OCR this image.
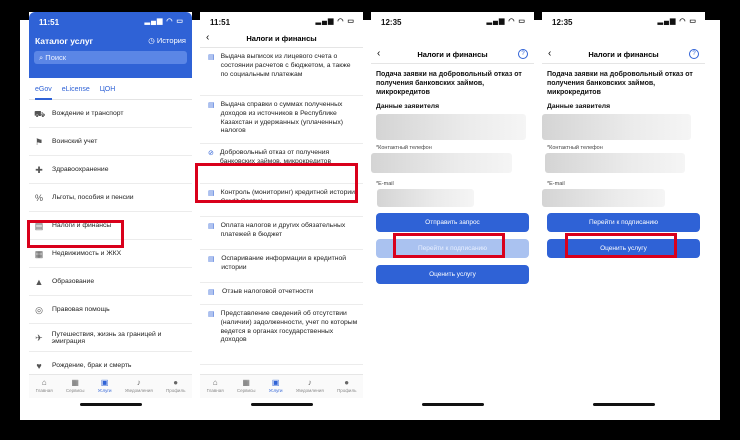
11:51	▂▄▆ ◠ ▭
Каталог услуг	◷ История
⌕ Поиск
eGov eLicense ЦОН
⛟ Вождение и транспорт
⚑ Воинский учет
✚ Здравоохранение
% Льготы, пособия и пенсии
▤ Налоги и финансы
▦ Недвижимость и ЖКХ
▲ Образование
◎ Правовая помощь
✈ Путешествия, жизнь за границей и эмиграция
♥	Рождение, брак и смерть
⌂
Главная
▦
Сервисы
▣
Услуги
♪
Уведомления
●
Профиль
11:51	▂▄▆ ◠ ▭
‹	Налоги и финансы
▤ Выдача выписок из лицевого счета о состоянии расчетов с бюджетом, а также по социальным платежам
▤ Выдача справки о суммах полученных доходов из источников в Республике Казахстан и удержанных (уплаченных) налогов
⊘ Добровольный отказ от получения банковских займов, микрокредитов
▤ Контроль (мониторинг) кредитной истории Credit Control
▤ Оплата налогов и других обязательных платежей в бюджет
▤ Оспаривание информации в кредитной истории
▤ Отзыв налоговой отчетности
▤ Представление сведений об отсутствии (наличии) задолженности, учет по которым ведется в органах государственных доходов
⌂
Главная
▦
Сервисы
▣
Услуги
♪
Уведомления
●
Профиль
12:35	▂▄▆ ◠ ▭
‹	Налоги и финансы	?
Подача заявки на добровольный отказ от получения банковских займов, микрокредитов
Данные заявителя
*Контактный телефон
*E-mail
Отправить запрос
Перейти к подписанию
Оценить услугу
12:35	▂▄▆ ◠ ▭
‹	Налоги и финансы	?
Подача заявки на добровольный отказ от получения банковских займов, микрокредитов
Данные заявителя
*Контактный телефон
*E-mail
Перейти к подписанию
Оценить услугу
